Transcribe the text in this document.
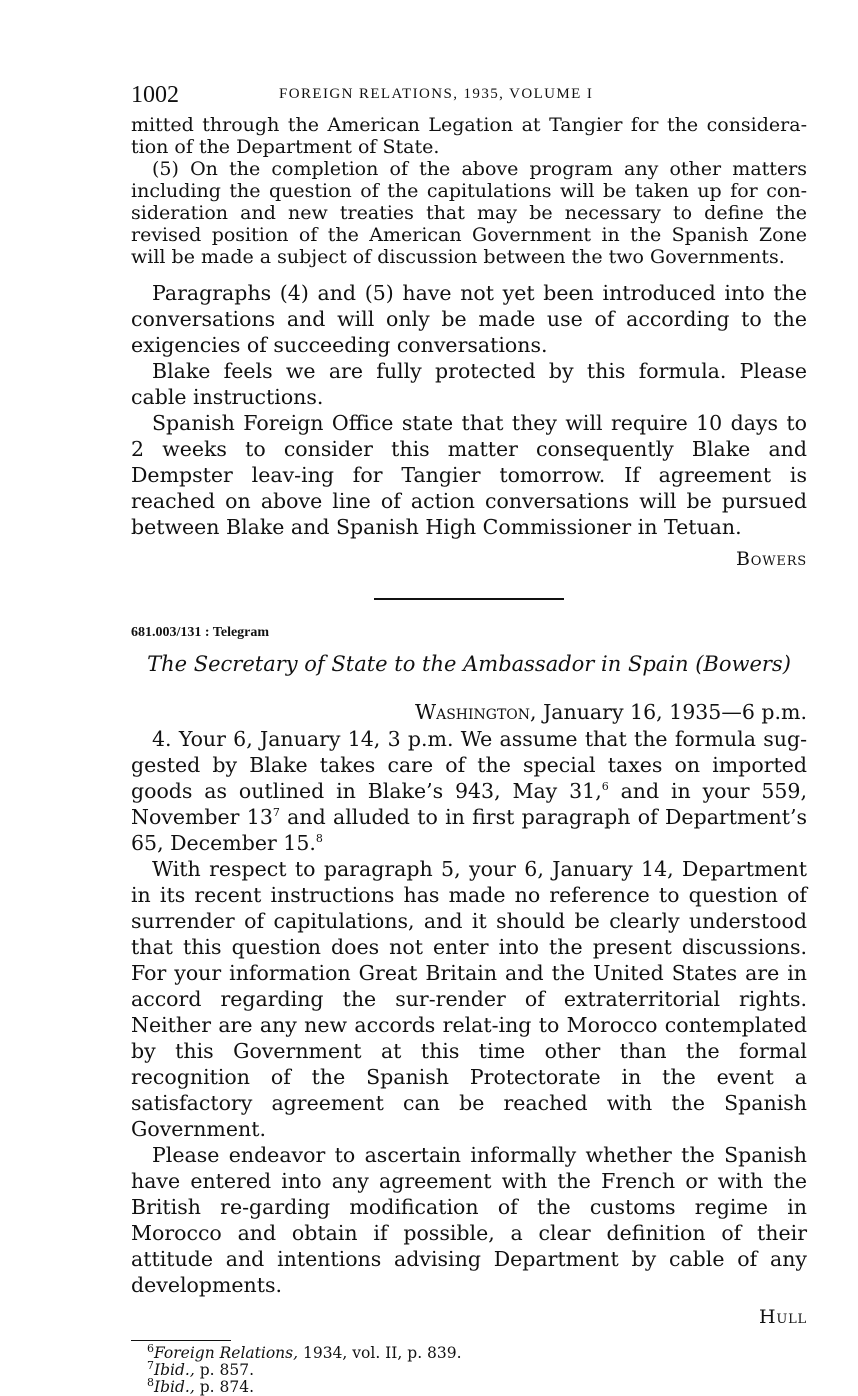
1002	FOREIGN RELATIONS, 1935, VOLUME I

mitted through the American Legation at Tangier for the considera-tion of the Department of State.

(5) On the completion of the above program any other matters including the question of the capitulations will be taken up for con-sideration and new treaties that may be necessary to define the revised position of the American Government in the Spanish Zone will be made a subject of discussion between the two Governments.

Paragraphs (4) and (5) have not yet been introduced into the conversations and will only be made use of according to the exigencies of succeeding conversations.

Blake feels we are fully protected by this formula. Please cable instructions.

Spanish Foreign Office state that they will require 10 days to 2 weeks to consider this matter consequently Blake and Dempster leav-ing for Tangier tomorrow. If agreement is reached on above line of action conversations will be pursued between Blake and Spanish High Commissioner in Tetuan.

Bowers
681.003/131 : Telegram
The Secretary of State to the Ambassador in Spain (Bowers)
Washington, January 16, 1935—6 p.m.

4. Your 6, January 14, 3 p.m. We assume that the formula sug-gested by Blake takes care of the special taxes on imported goods as outlined in Blake’s 943, May 31,$^6$ and in your 559, November $13^7$ and alluded to in first paragraph of Department’s 65, December 15.$^8$

With respect to paragraph 5, your 6, January 14, Department in its recent instructions has made no reference to question of surrender of capitulations, and it should be clearly understood that this question does not enter into the present discussions. For your information Great Britain and the United States are in accord regarding the sur-render of extraterritorial rights. Neither are any new accords relat-ing to Morocco contemplated by this Government at this time other than the formal recognition of the Spanish Protectorate in the event a satisfactory agreement can be reached with the Spanish Government.

Please endeavor to ascertain informally whether the Spanish have entered into any agreement with the French or with the British re-garding modification of the customs regime in Morocco and obtain if possible, a clear definition of their attitude and intentions advising Department by cable of any developments.

Hull
$^6$Foreign Relations, 1934, vol. II, p. 839.
$^7$Ibid., p. 857.
$^8$Ibid., p. 874.
